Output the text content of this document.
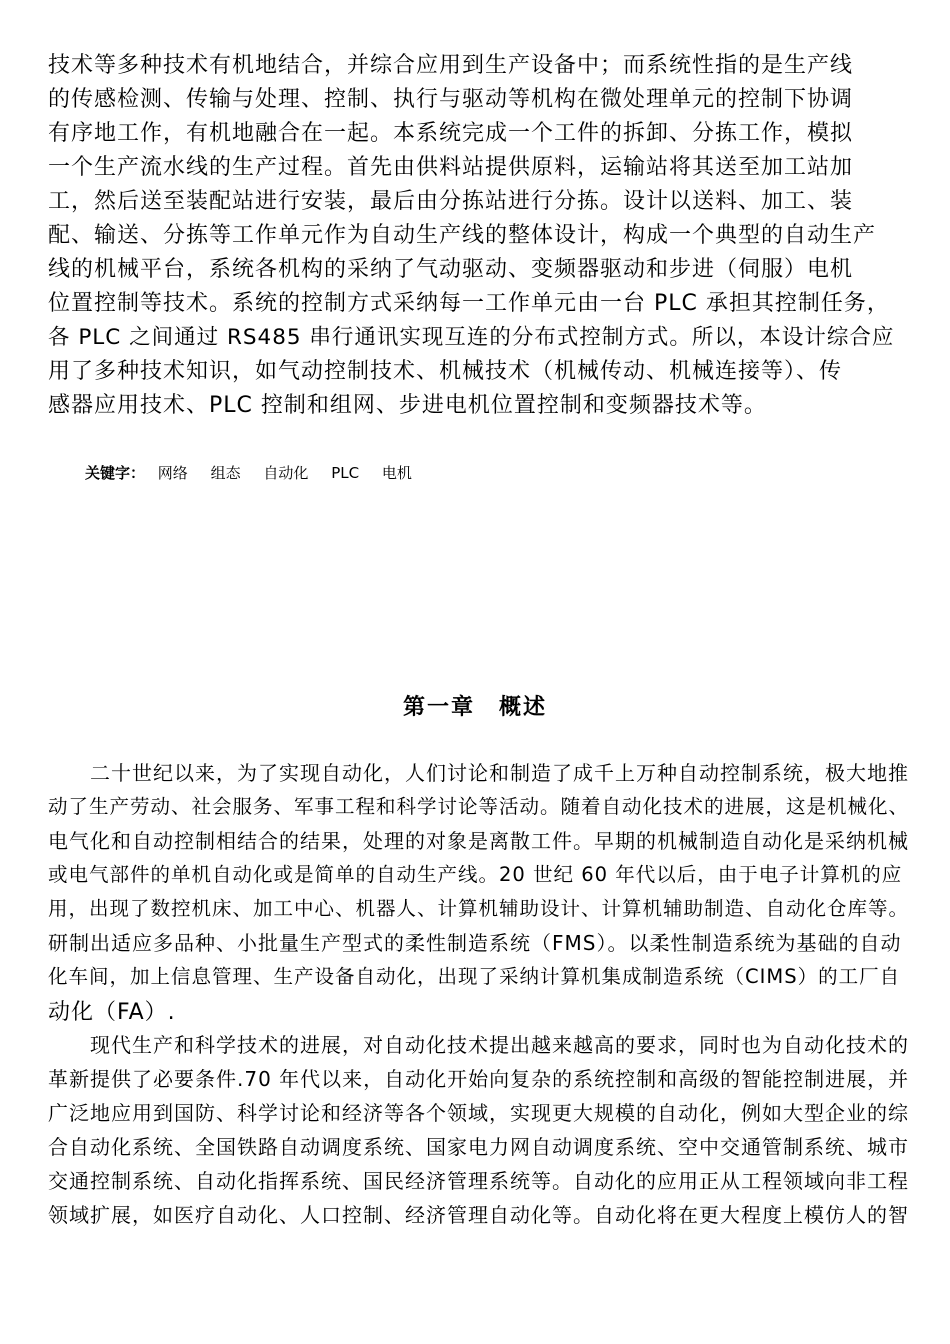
技术等多种技术有机地结合，并综合应用到生产设备中；而系统性指的是生产线
的传感检测、传输与处理、控制、执行与驱动等机构在微处理单元的控制下协调
有序地工作，有机地融合在一起。本系统完成一个工件的拆卸、分拣工作，模拟
一个生产流水线的生产过程。首先由供料站提供原料，运输站将其送至加工站加
工，然后送至装配站进行安装，最后由分拣站进行分拣。设计以送料、加工、装
配、输送、分拣等工作单元作为自动生产线的整体设计，构成一个典型的自动生产
线的机械平台，系统各机构的采纳了气动驱动、变频器驱动和步进（伺服）电机
位置控制等技术。系统的控制方式采纳每一工作单元由一台 PLC 承担其控制任务，
各 PLC 之间通过 RS485 串行通讯实现互连的分布式控制方式。所以，本设计综合应
用了多种技术知识，如气动控制技术、机械技术（机械传动、机械连接等）、传
感器应用技术、PLC 控制和组网、步进电机位置控制和变频器技术等。
关键字： 网络 组态 自动化 PLC 电机
第一章　概述
　　二十世纪以来，为了实现自动化，人们讨论和制造了成千上万种自动控制系统，极大地推
动了生产劳动、社会服务、军事工程和科学讨论等活动。随着自动化技术的进展，这是机械化、
电气化和自动控制相结合的结果，处理的对象是离散工件。早期的机械制造自动化是采纳机械
或电气部件的单机自动化或是简单的自动生产线。20 世纪 60 年代以后，由于电子计算机的应
用，出现了数控机床、加工中心、机器人、计算机辅助设计、计算机辅助制造、自动化仓库等。
研制出适应多品种、小批量生产型式的柔性制造系统（FMS）。以柔性制造系统为基础的自动
化车间，加上信息管理、生产设备自动化，出现了采纳计算机集成制造系统（CIMS）的工厂自
动化（FA）.
　　现代生产和科学技术的进展，对自动化技术提出越来越高的要求，同时也为自动化技术的
革新提供了必要条件.70 年代以来，自动化开始向复杂的系统控制和高级的智能控制进展，并
广泛地应用到国防、科学讨论和经济等各个领域，实现更大规模的自动化，例如大型企业的综
合自动化系统、全国铁路自动调度系统、国家电力网自动调度系统、空中交通管制系统、城市
交通控制系统、自动化指挥系统、国民经济管理系统等。自动化的应用正从工程领域向非工程
领域扩展，如医疗自动化、人口控制、经济管理自动化等。自动化将在更大程度上模仿人的智
